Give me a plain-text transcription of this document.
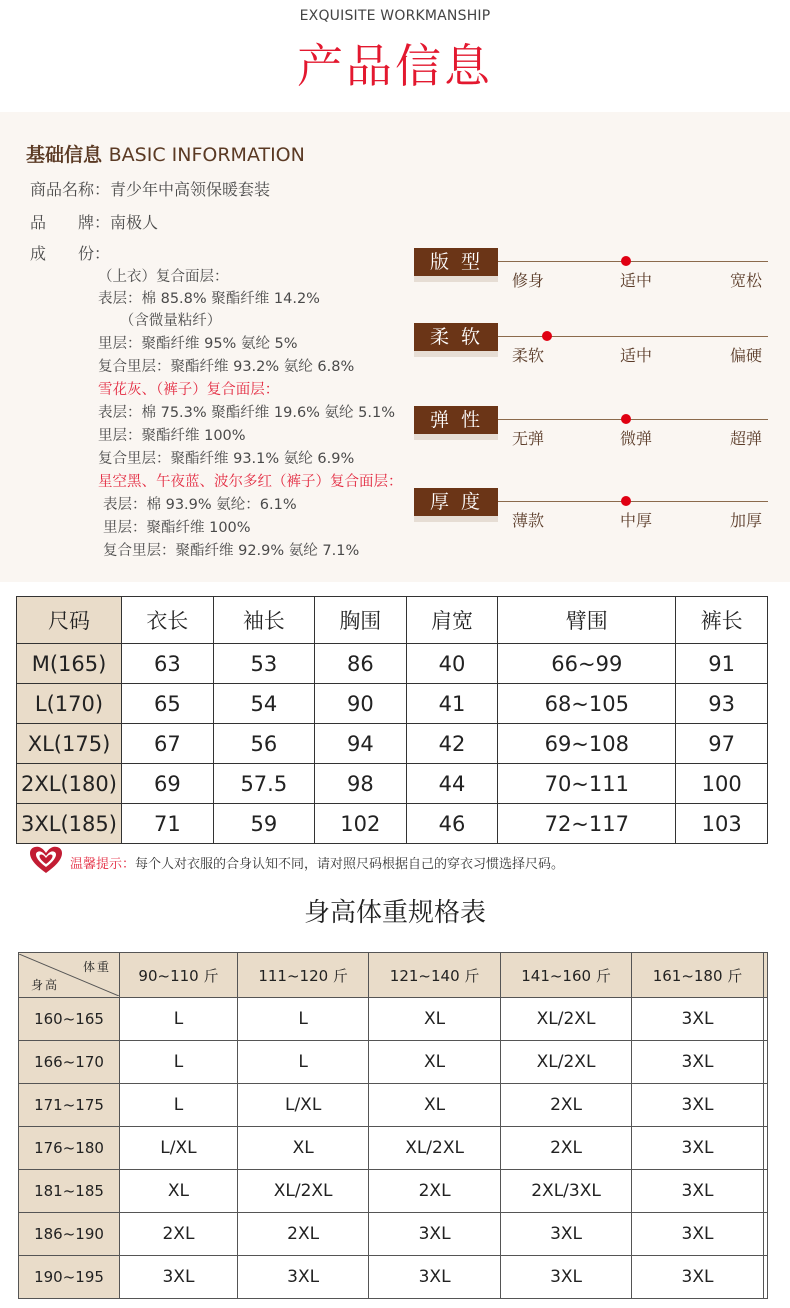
EXQUISITE WORKMANSHIP
产品信息
基础信息 BASIC INFORMATION
商品名称：青少年中高领保暖套装
品　　牌：南极人
成　　份：
（上衣）复合面层：
表层：棉 85.8% 聚酯纤维 14.2%
　　（含微量粘纤）
里层：聚酯纤维 95% 氨纶 5%
复合里层：聚酯纤维 93.2% 氨纶 6.8%
雪花灰、（裤子）复合面层：
表层：棉 75.3% 聚酯纤维 19.6% 氨纶 5.1%
里层：聚酯纤维 100%
复合里层：聚酯纤维 93.1% 氨纶 6.9%
星空黑、午夜蓝、波尔多红（裤子）复合面层：
表层：棉 93.9% 氨纶：6.1%
里层：聚酯纤维 100%
复合里层：聚酯纤维 92.9% 氨纶 7.1%
版型
修身	适中	宽松
柔软
柔软	适中	偏硬
弹性
无弹	微弹	超弹
厚度
薄款	中厚	加厚
尺码	衣长	袖长	胸围	肩宽	臂围	裤长
M(165)	63	53	86	40	66~99	91
L(170)	65	54	90	41	68~105	93
XL(175)	67	56	94	42	69~108	97
2XL(180)	69	57.5	98	44	70~111	100
3XL(185)	71	59	102	46	72~117	103
温馨提示：每个人对衣服的合身认知不同，请对照尺码根据自己的穿衣习惯选择尺码。
身高体重规格表
体重
身高	90~110 斤	111~120 斤	121~140 斤	141~160 斤	161~180 斤	
160~165	L	L	XL	XL/2XL	3XL	
166~170	L	L	XL	XL/2XL	3XL	
171~175	L	L/XL	XL	2XL	3XL	
176~180	L/XL	XL	XL/2XL	2XL	3XL	
181~185	XL	XL/2XL	2XL	2XL/3XL	3XL	
186~190	2XL	2XL	3XL	3XL	3XL	
190~195	3XL	3XL	3XL	3XL	3XL	
